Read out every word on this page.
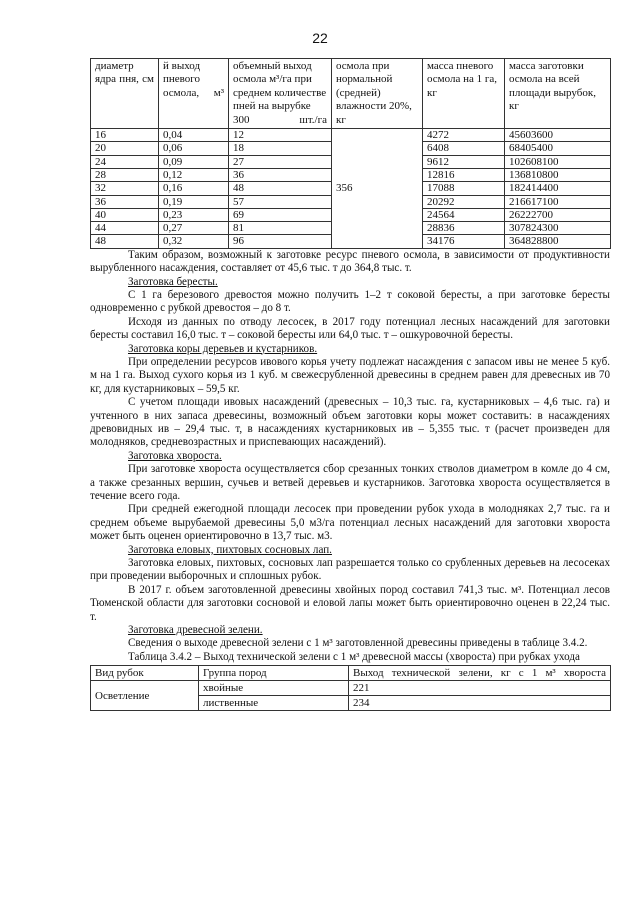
22
диаметр ядра пня, см	й выход пневого осмола, м³	объемный выход осмола м³/га при среднем количестве пней на вырубке 300 шт./га	осмола при нормальной (средней) влажности 20%, кг	масса пневого осмола на 1 га, кг	масса заготовки осмола на всей площади вырубок, кг
16	0,04	12	356	4272	45603600
20	0,06	18		6408	68405400
24	0,09	27		9612	102608100
28	0,12	36		12816	136810800
32	0,16	48		17088	182414400
36	0,19	57		20292	216617100
40	0,23	69		24564	26222700
44	0,27	81		28836	307824300
48	0,32	96		34176	364828800

Таким образом, возможный к заготовке ресурс пневого осмола, в зависимости от продуктивности вырубленного насаждения, составляет от 45,6 тыс. т до 364,8 тыс. т.

Заготовка бересты.

С 1 га березового древостоя можно получить 1–2 т соковой бересты, а при заготовке бересты одновременно с рубкой древостоя – до 8 т.

Исходя из данных по отводу лесосек, в 2017 году потенциал лесных насаждений для заготовки бересты составил 16,0 тыс. т – соковой бересты или 64,0 тыс. т – ошкуровочной бересты.

Заготовка коры деревьев и кустарников.

При определении ресурсов ивового корья учету подлежат насаждения с запасом ивы не менее 5 куб. м на 1 га. Выход сухого корья из 1 куб. м свежесрубленной древесины в среднем равен для древесных ив 70 кг, для кустарниковых – 59,5 кг.

С учетом площади ивовых насаждений (древесных – 10,3 тыс. га, кустарниковых – 4,6 тыс. га) и учтенного в них запаса древесины, возможный объем заготовки коры может составить: в насаждениях древовидных ив – 29,4 тыс. т, в насаждениях кустарниковых ив – 5,355 тыс. т (расчет произведен для молодняков, средневозрастных и приспевающих насаждений).

Заготовка хвороста.

При заготовке хвороста осуществляется сбор срезанных тонких стволов диаметром в комле до 4 см, а также срезанных вершин, сучьев и ветвей деревьев и кустарников. Заготовка хвороста осуществляется в течение всего года.

При средней ежегодной площади лесосек при проведении рубок ухода в молодняках 2,7 тыс. га и среднем объеме вырубаемой древесины 5,0 м3/га потенциал лесных насаждений для заготовки хвороста может быть оценен ориентировочно в 13,7 тыс. м3.

Заготовка еловых, пихтовых сосновых лап.

Заготовка еловых, пихтовых, сосновых лап разрешается только со срубленных деревьев на лесосеках при проведении выборочных и сплошных рубок.

В 2017 г. объем заготовленной древесины хвойных пород составил 741,3 тыс. м³. Потенциал лесов Тюменской области для заготовки сосновой и еловой лапы может быть ориентировочно оценен в 22,24 тыс. т.

Заготовка древесной зелени.

Сведения о выходе древесной зелени с 1 м³ заготовленной древесины приведены в таблице 3.4.2.

Таблица 3.4.2 – Выход технической зелени с 1 м³ древесной массы (хвороста) при рубках ухода

Вид рубок	Группа пород	Выход технической зелени, кг с 1 м³ хвороста
Осветление	хвойные	221
	лиственные	234
